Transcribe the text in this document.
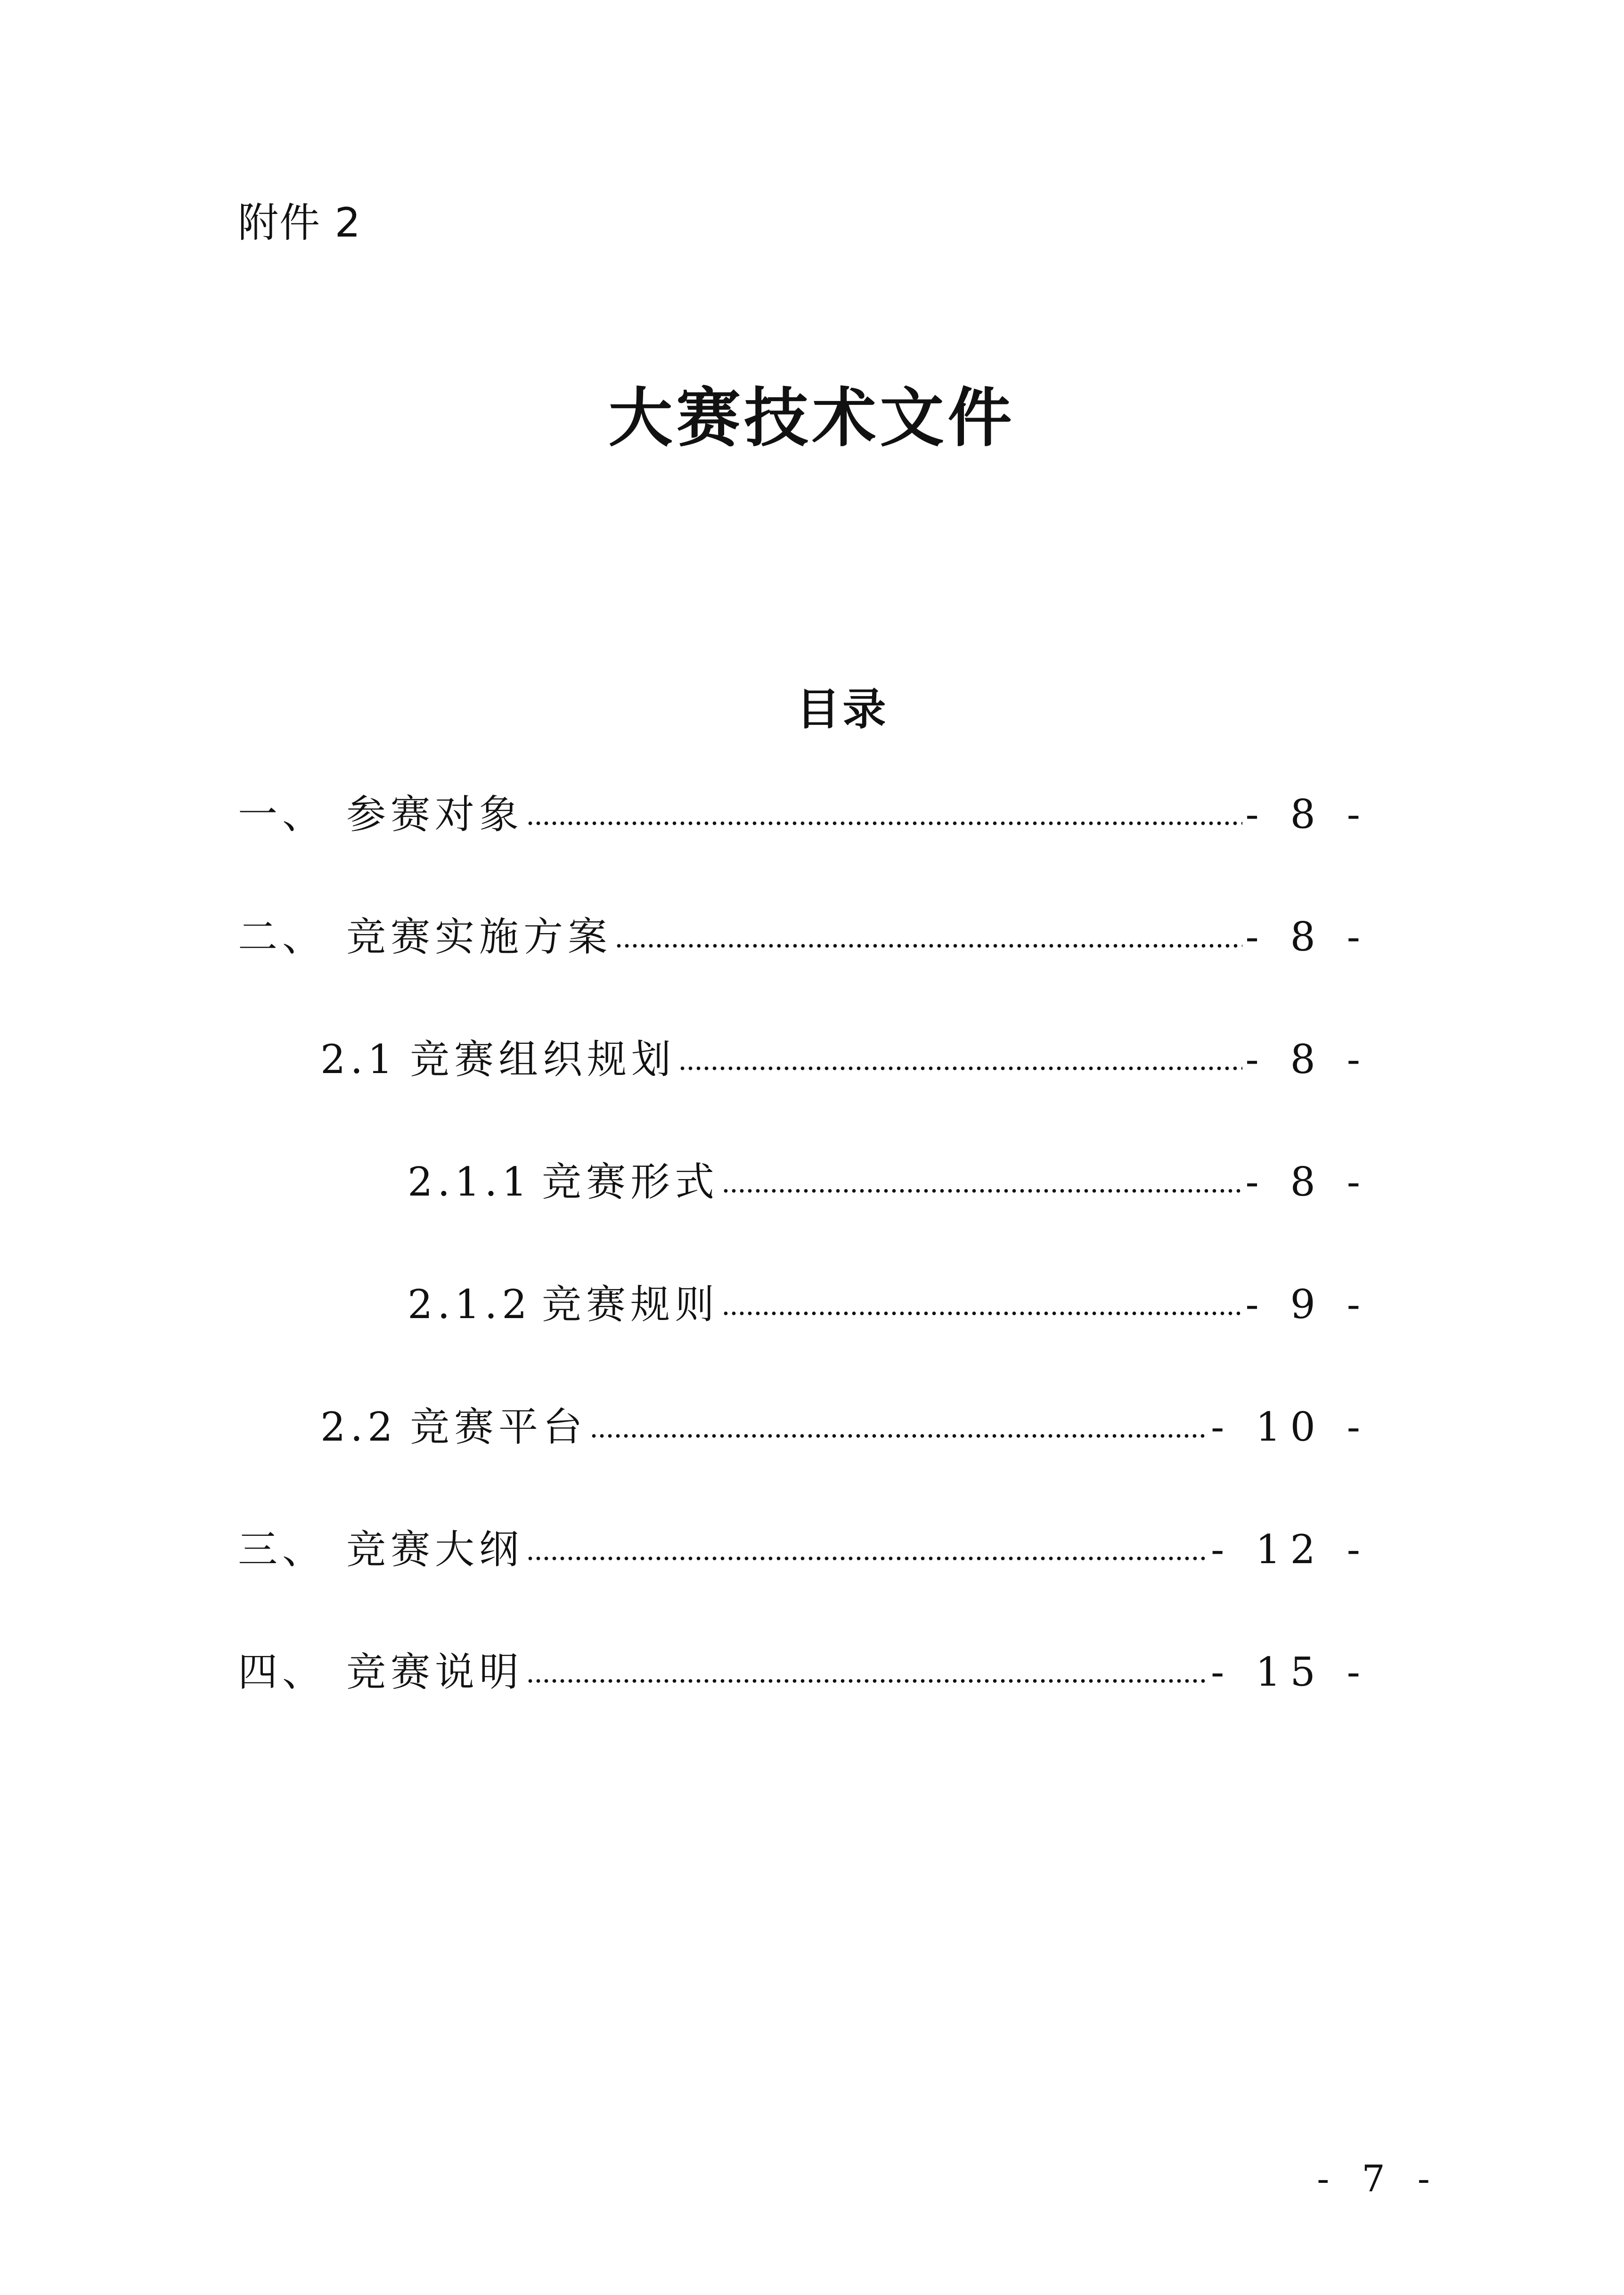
附件 2
大赛技术文件
目录
一、 参赛对象	- 8 -
二、 竞赛实施方案	- 8 -
2.1 竞赛组织规划	- 8 -
2.1.1 竞赛形式	- 8 -
2.1.2 竞赛规则	- 9 -
2.2 竞赛平台	- 10 -
三、 竞赛大纲	- 12 -
四、 竞赛说明	- 15 -
- 7 -
